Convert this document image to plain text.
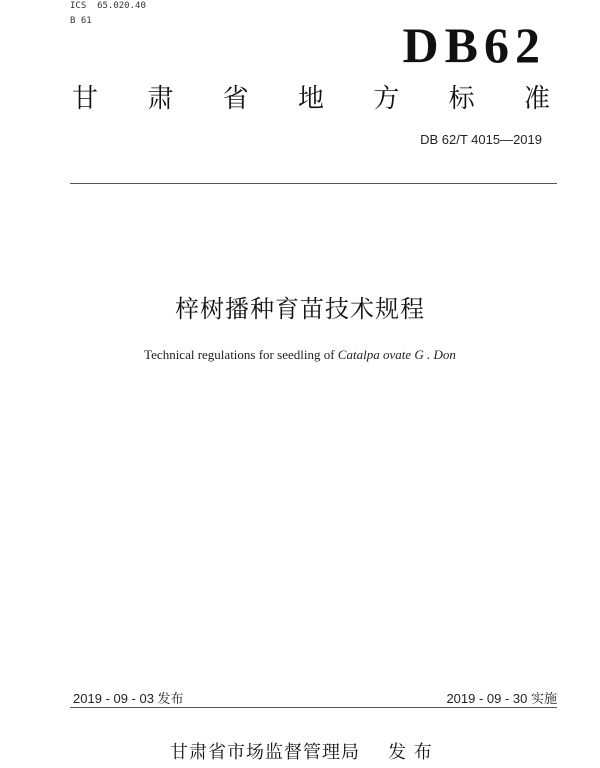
ICS  65.020.40
B 61	DB62
甘 肃 省 地 方 标 准
DB 62/T 4015—2019
梓树播种育苗技术规程
Technical regulations for seedling of Catalpa ovate G . Don
2019 - 09 - 03 发布	2019 - 09 - 30 实施
甘肃省市场监督管理局 发 布
